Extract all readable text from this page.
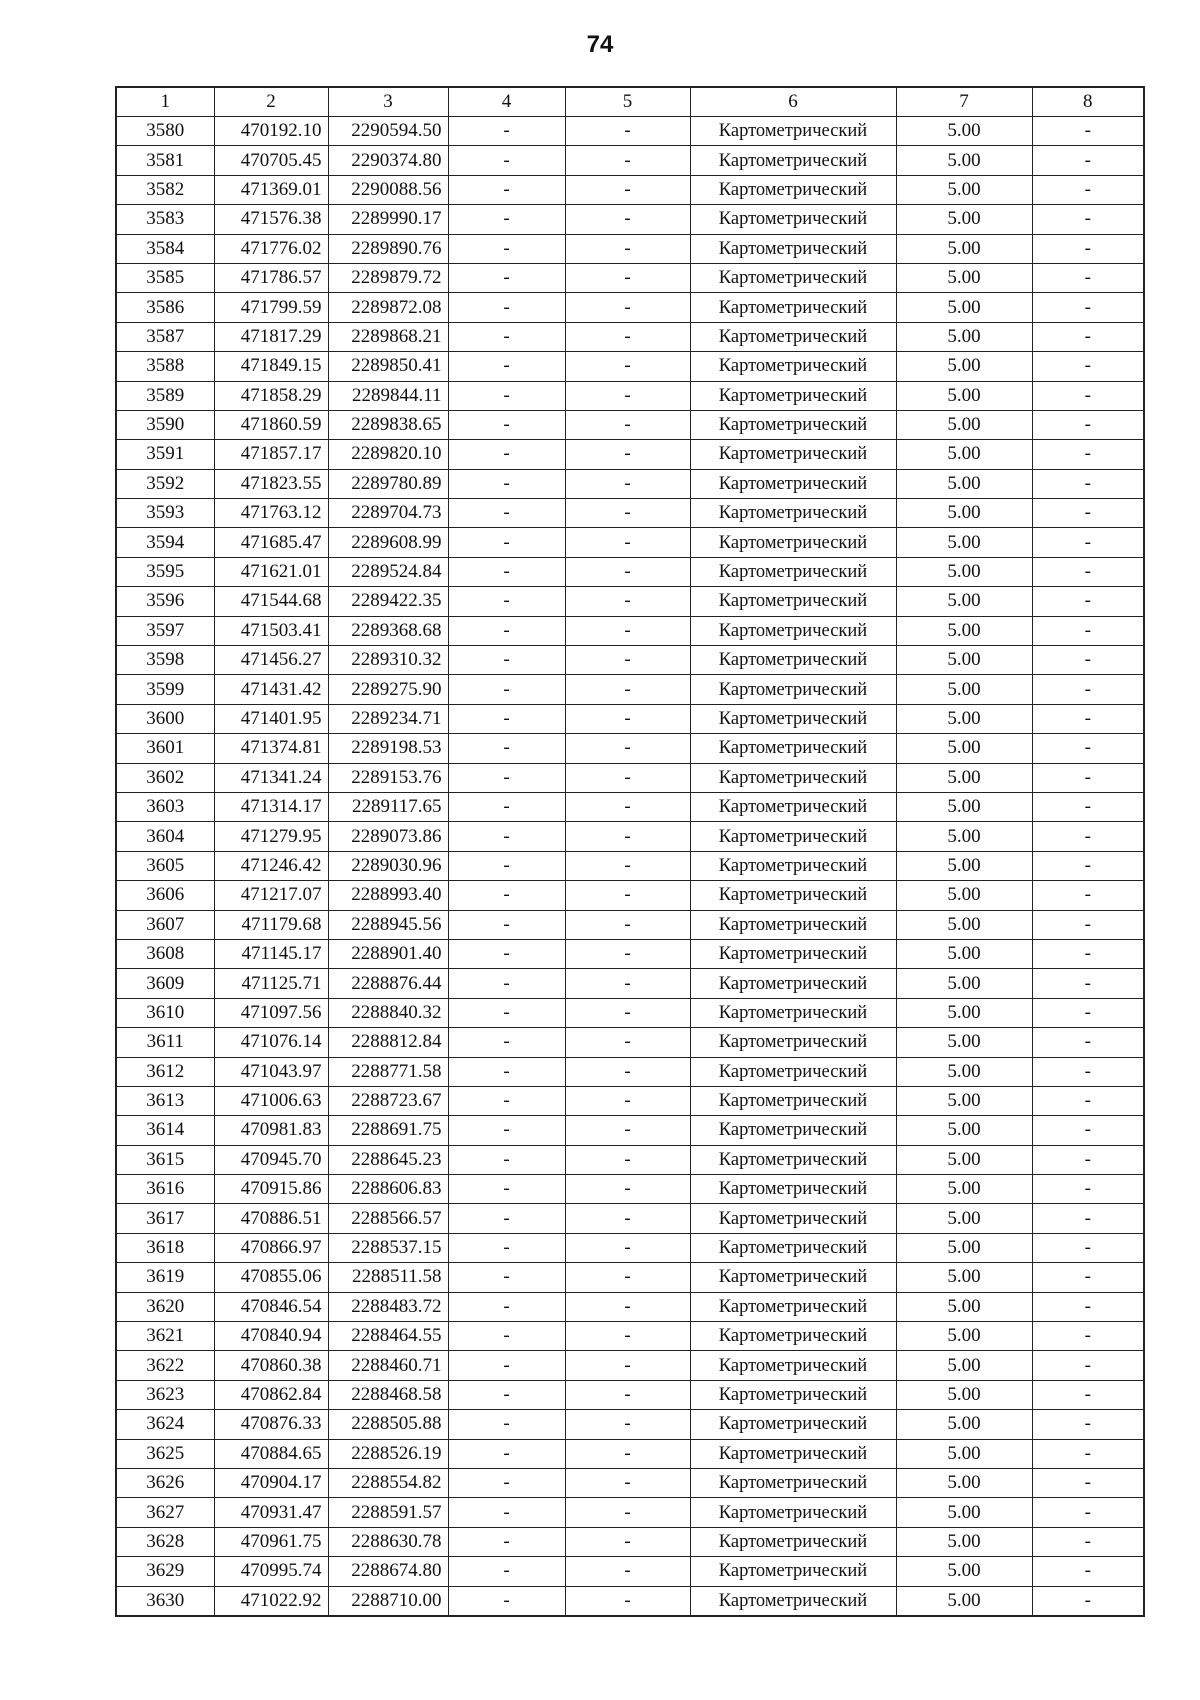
74
1	2	3	4	5	6	7	8
3580	470192.10	2290594.50	-	-	Картометрический	5.00	-
3581	470705.45	2290374.80	-	-	Картометрический	5.00	-
3582	471369.01	2290088.56	-	-	Картометрический	5.00	-
3583	471576.38	2289990.17	-	-	Картометрический	5.00	-
3584	471776.02	2289890.76	-	-	Картометрический	5.00	-
3585	471786.57	2289879.72	-	-	Картометрический	5.00	-
3586	471799.59	2289872.08	-	-	Картометрический	5.00	-
3587	471817.29	2289868.21	-	-	Картометрический	5.00	-
3588	471849.15	2289850.41	-	-	Картометрический	5.00	-
3589	471858.29	2289844.11	-	-	Картометрический	5.00	-
3590	471860.59	2289838.65	-	-	Картометрический	5.00	-
3591	471857.17	2289820.10	-	-	Картометрический	5.00	-
3592	471823.55	2289780.89	-	-	Картометрический	5.00	-
3593	471763.12	2289704.73	-	-	Картометрический	5.00	-
3594	471685.47	2289608.99	-	-	Картометрический	5.00	-
3595	471621.01	2289524.84	-	-	Картометрический	5.00	-
3596	471544.68	2289422.35	-	-	Картометрический	5.00	-
3597	471503.41	2289368.68	-	-	Картометрический	5.00	-
3598	471456.27	2289310.32	-	-	Картометрический	5.00	-
3599	471431.42	2289275.90	-	-	Картометрический	5.00	-
3600	471401.95	2289234.71	-	-	Картометрический	5.00	-
3601	471374.81	2289198.53	-	-	Картометрический	5.00	-
3602	471341.24	2289153.76	-	-	Картометрический	5.00	-
3603	471314.17	2289117.65	-	-	Картометрический	5.00	-
3604	471279.95	2289073.86	-	-	Картометрический	5.00	-
3605	471246.42	2289030.96	-	-	Картометрический	5.00	-
3606	471217.07	2288993.40	-	-	Картометрический	5.00	-
3607	471179.68	2288945.56	-	-	Картометрический	5.00	-
3608	471145.17	2288901.40	-	-	Картометрический	5.00	-
3609	471125.71	2288876.44	-	-	Картометрический	5.00	-
3610	471097.56	2288840.32	-	-	Картометрический	5.00	-
3611	471076.14	2288812.84	-	-	Картометрический	5.00	-
3612	471043.97	2288771.58	-	-	Картометрический	5.00	-
3613	471006.63	2288723.67	-	-	Картометрический	5.00	-
3614	470981.83	2288691.75	-	-	Картометрический	5.00	-
3615	470945.70	2288645.23	-	-	Картометрический	5.00	-
3616	470915.86	2288606.83	-	-	Картометрический	5.00	-
3617	470886.51	2288566.57	-	-	Картометрический	5.00	-
3618	470866.97	2288537.15	-	-	Картометрический	5.00	-
3619	470855.06	2288511.58	-	-	Картометрический	5.00	-
3620	470846.54	2288483.72	-	-	Картометрический	5.00	-
3621	470840.94	2288464.55	-	-	Картометрический	5.00	-
3622	470860.38	2288460.71	-	-	Картометрический	5.00	-
3623	470862.84	2288468.58	-	-	Картометрический	5.00	-
3624	470876.33	2288505.88	-	-	Картометрический	5.00	-
3625	470884.65	2288526.19	-	-	Картометрический	5.00	-
3626	470904.17	2288554.82	-	-	Картометрический	5.00	-
3627	470931.47	2288591.57	-	-	Картометрический	5.00	-
3628	470961.75	2288630.78	-	-	Картометрический	5.00	-
3629	470995.74	2288674.80	-	-	Картометрический	5.00	-
3630	471022.92	2288710.00	-	-	Картометрический	5.00	-
